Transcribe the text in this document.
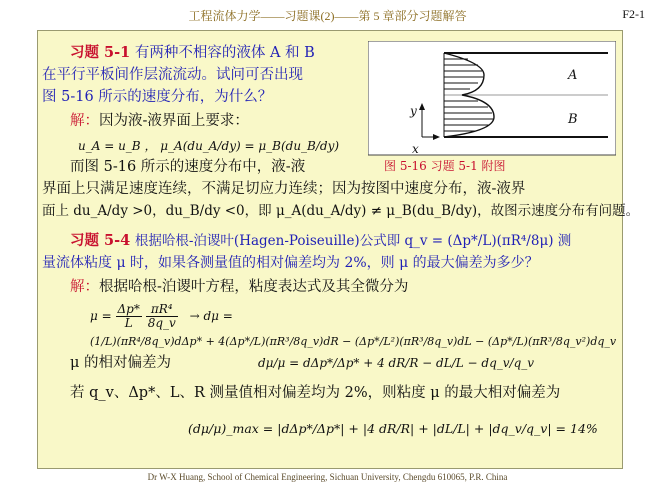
工程流体力学——习题课(2)——第 5 章部分习题解答	F2-1
习题 5-1 有两种不相容的液体 A 和 B
在平行平板间作层流流动。试问可否出现
图 5-16 所示的速度分布，为什么？
解：因为液-液界面上要求：
u_A = u_B ， μ_A(du_A/dy) = μ_B(du_B/dy)
而图 5-16 所示的速度分布中，液-液
界面上只满足速度连续，不满足切应力连续；因为按图中速度分布，液-液界
面上 du_A/dy >0，du_B/dy <0，即 μ_A(du_A/dy) ≠ μ_B(du_B/dy)，故图示速度分布有问题。
y
x
A
B
图 5-16 习题 5-1 附图
习题 5-4 根据哈根-泊谡叶(Hagen-Poiseuille)公式即 q_v = (Δp*/L)(πR⁴/8μ) 测
量流体粘度 μ 时，如果各测量值的相对偏差均为 2%，则 μ 的最大偏差为多少？
解：根据哈根-泊谡叶方程，粘度表达式及其全微分为
$\mu = \frac{\Delta p*}{L}$
$\frac{\text{πR⁴}}{8q\_v} \to d\mu$ =
(1/L)(πR⁴/8q_v)dΔp* + 4(Δp*/L)(πR³/8q_v)dR − (Δp*/L²)(πR³/8q_v)dL − (Δp*/L)(πR³/8q_v²)dq_v
μ 的相对偏差为	dμ/μ = dΔp*/Δp* + 4 dR/R − dL/L − dq_v/q_v
若 q_v、Δp*、L、R 测量值相对偏差均为 2%，则粘度 μ 的最大相对偏差为
(dμ/μ)_max = |dΔp*/Δp*| + |4 dR/R| + |dL/L| + |dq_v/q_v| = 14%
Dr W-X Huang, School of Chemical Engineering, Sichuan University, Chengdu 610065, P.R. China
